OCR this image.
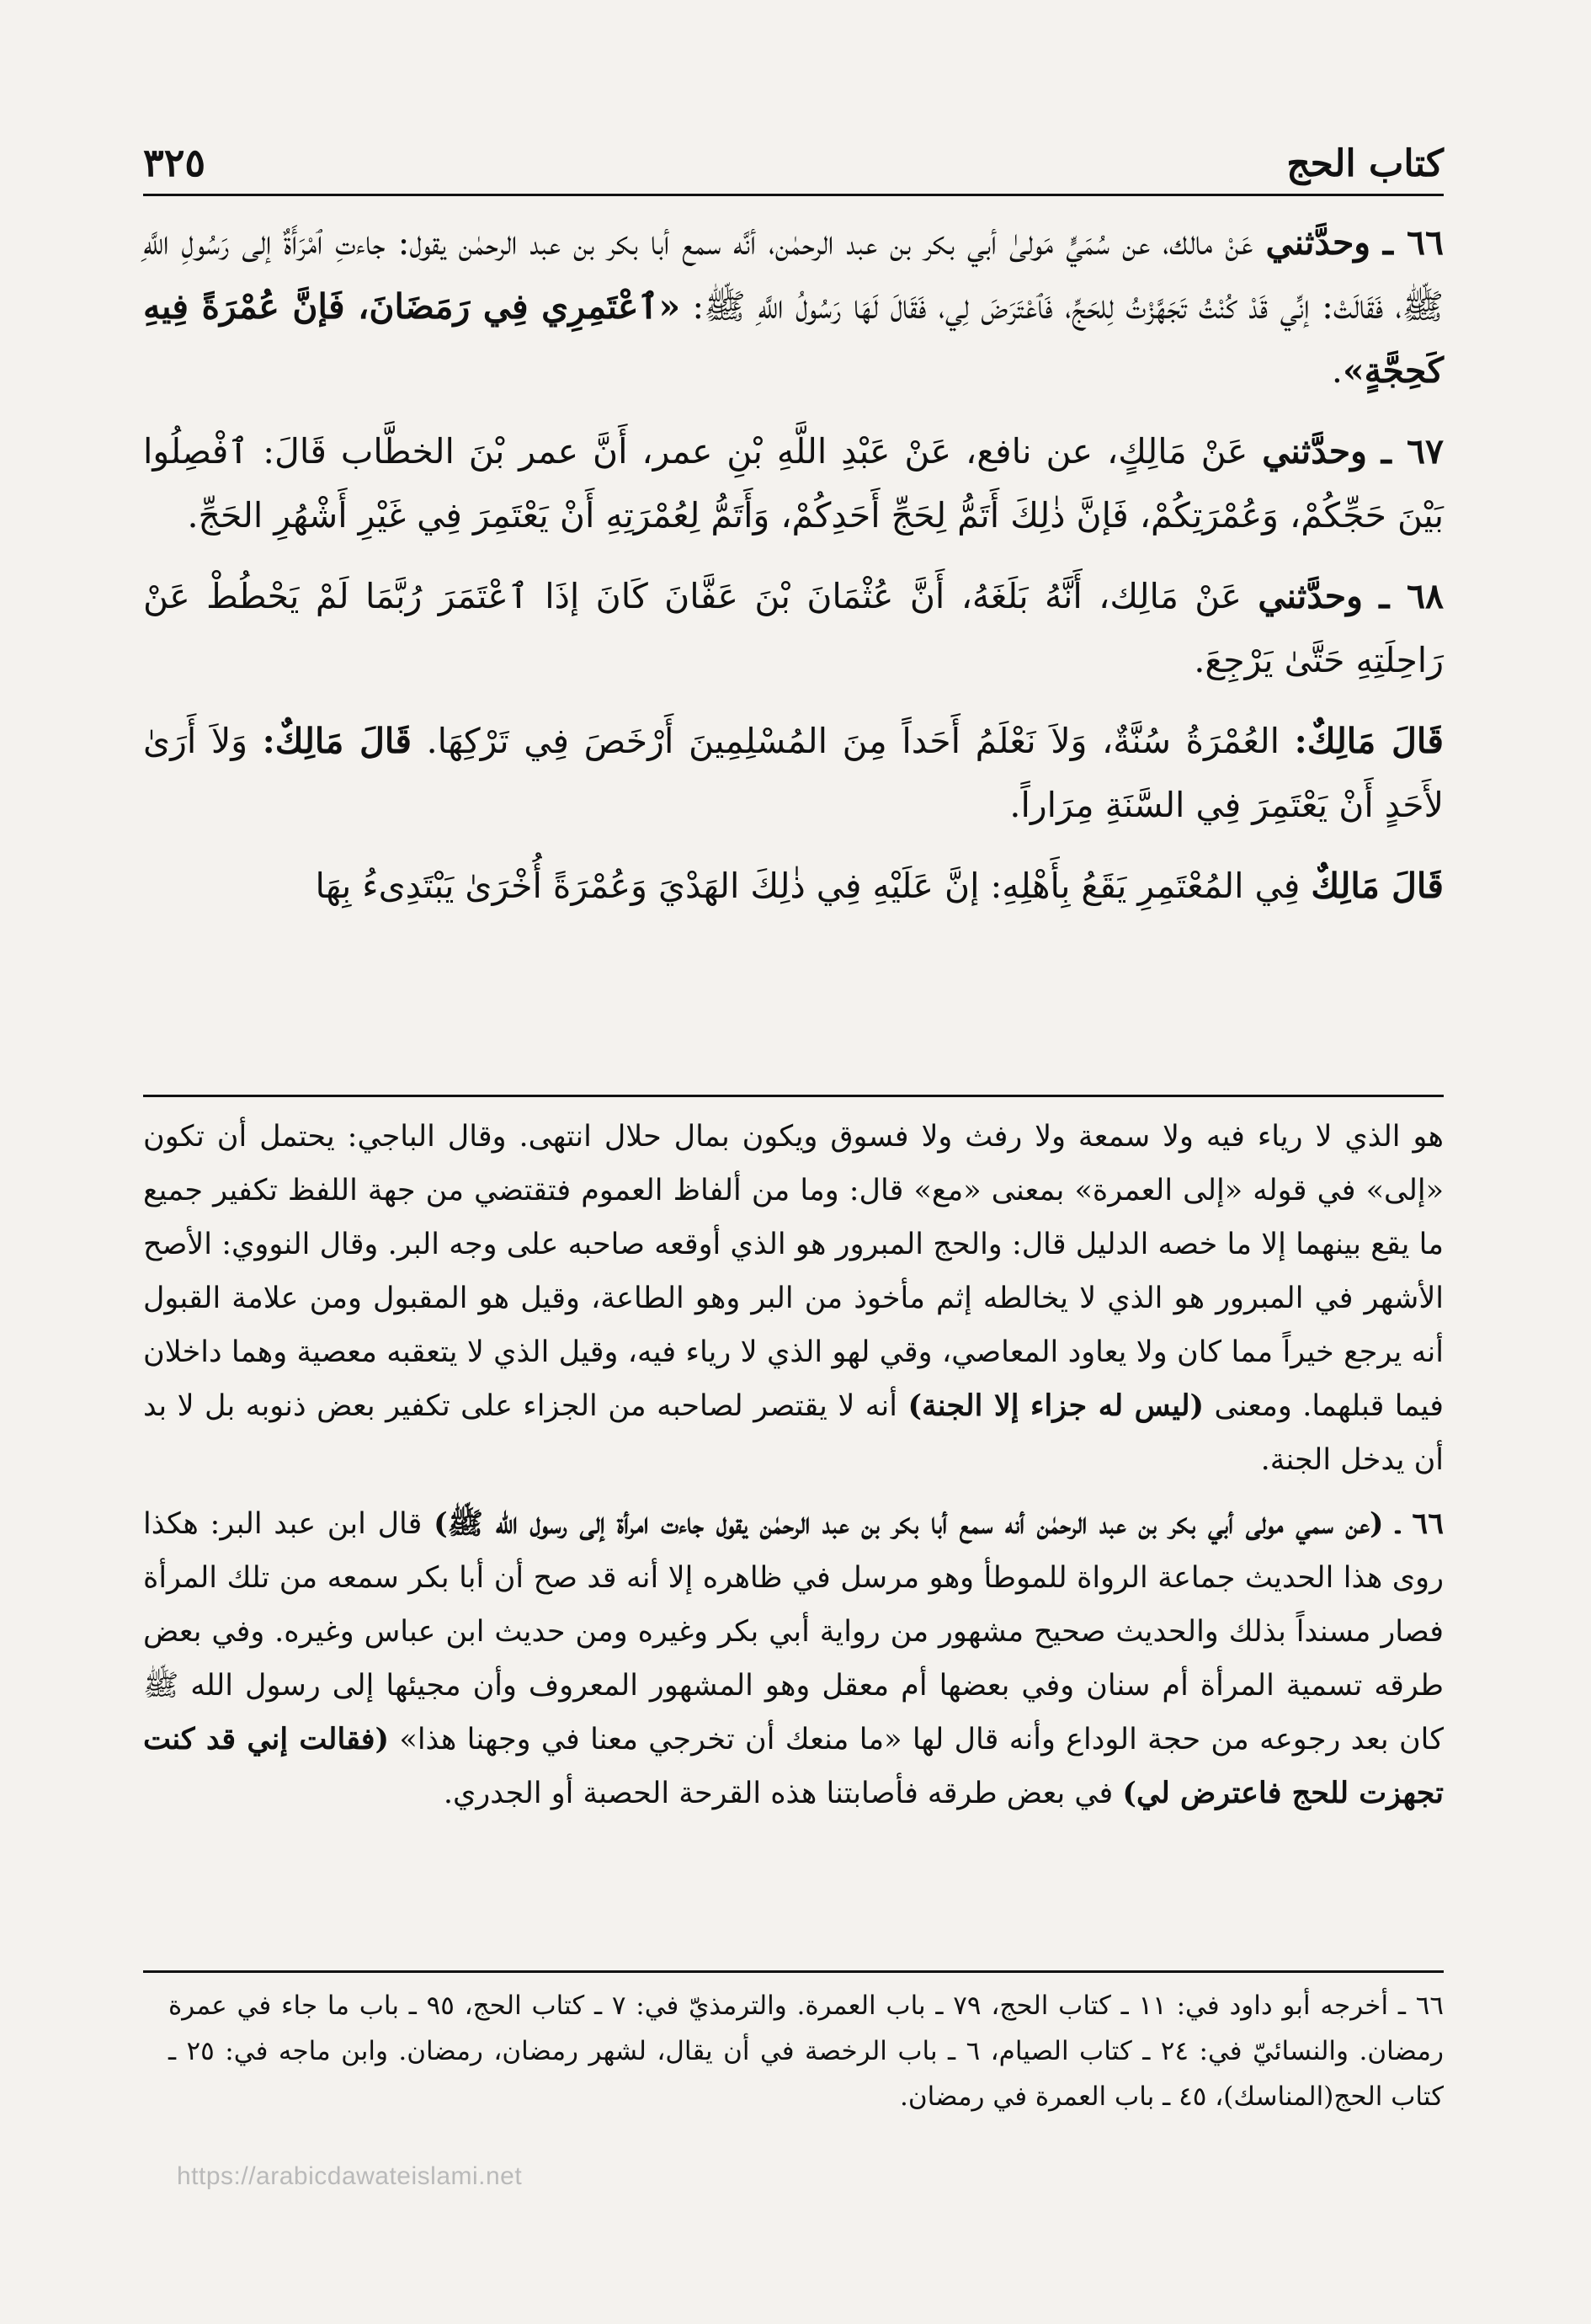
كتاب الحج
٣٢٥

٦٦ ـ وحدَّثني عَنْ مالك، عن سُمَيٍّ مَولىٰ أبي بكر بن عبد الرحمٰن، أنَّه سمع أبا بكر بن عبد الرحمٰن يقول: جاءتِ ٱمْرَأَةٌ إلى رَسُولِ اللَّهِ ﷺ، فَقَالَتْ: إنِّي قَدْ كُنْتُ تَجَهَّزْتُ لِلحَجِّ، فَٱعْتَرَضَ لِي، فَقَالَ لَهَا رَسُولُ اللَّهِ ﷺ: «ٱعْتَمِرِي فِي رَمَضَانَ، فَإنَّ عُمْرَةً فِيهِ كَحِجَّةٍ».

٦٧ ـ وحدَّثني عَنْ مَالِكٍ، عن نافع، عَنْ عَبْدِ اللَّهِ بْنِ عمر، أَنَّ عمر بْنَ الخطَّاب قَالَ: ٱفْصِلُوا بَيْنَ حَجِّكُمْ، وَعُمْرَتِكُمْ، فَإنَّ ذٰلِكَ أَتَمُّ لِحَجِّ أَحَدِكُمْ، وَأَتَمُّ لِعُمْرَتِهِ أَنْ يَعْتَمِرَ فِي غَيْرِ أَشْهُرِ الحَجِّ.

٦٨ ـ وحدَّثني عَنْ مَالِك، أَنَّهُ بَلَغَهُ، أَنَّ عُثْمَانَ بْنَ عَفَّانَ كَانَ إذَا ٱعْتَمَرَ رُبَّمَا لَمْ يَحْطُطْ عَنْ رَاحِلَتِهِ حَتَّىٰ يَرْجِعَ.

قَالَ مَالِكٌ: العُمْرَةُ سُنَّةٌ، وَلاَ نَعْلَمُ أَحَداً مِنَ المُسْلِمِينَ أَرْخَصَ فِي تَرْكِهَا. قَالَ مَالِكٌ: وَلاَ أَرَىٰ لأَحَدٍ أَنْ يَعْتَمِرَ فِي السَّنَةِ مِرَاراً.

قَالَ مَالِكٌ فِي المُعْتَمِرِ يَقَعُ بِأَهْلِهِ: إنَّ عَلَيْهِ فِي ذٰلِكَ الهَدْيَ وَعُمْرَةً أُخْرَىٰ يَبْتَدِىءُ بِهَا

هو الذي لا رياء فيه ولا سمعة ولا رفث ولا فسوق ويكون بمال حلال انتهى. وقال الباجي: يحتمل أن تكون «إلى» في قوله «إلى العمرة» بمعنى «مع» قال: وما من ألفاظ العموم فتقتضي من جهة اللفظ تكفير جميع ما يقع بينهما إلا ما خصه الدليل قال: والحج المبرور هو الذي أوقعه صاحبه على وجه البر. وقال النووي: الأصح الأشهر في المبرور هو الذي لا يخالطه إثم مأخوذ من البر وهو الطاعة، وقيل هو المقبول ومن علامة القبول أنه يرجع خيراً مما كان ولا يعاود المعاصي، وقي لهو الذي لا رياء فيه، وقيل الذي لا يتعقبه معصية وهما داخلان فيما قبلهما. ومعنى (ليس له جزاء إلا الجنة) أنه لا يقتصر لصاحبه من الجزاء على تكفير بعض ذنوبه بل لا بد أن يدخل الجنة.

٦٦ ـ (عن سمي مولى أبي بكر بن عبد الرحمٰن أنه سمع أبا بكر بن عبد الرحمٰن يقول جاءت امرأة إلى رسول الله ﷺ) قال ابن عبد البر: هكذا روى هذا الحديث جماعة الرواة للموطأ وهو مرسل في ظاهره إلا أنه قد صح أن أبا بكر سمعه من تلك المرأة فصار مسنداً بذلك والحديث صحيح مشهور من رواية أبي بكر وغيره ومن حديث ابن عباس وغيره. وفي بعض طرقه تسمية المرأة أم سنان وفي بعضها أم معقل وهو المشهور المعروف وأن مجيئها إلى رسول الله ﷺ كان بعد رجوعه من حجة الوداع وأنه قال لها «ما منعك أن تخرجي معنا في وجهنا هذا» (فقالت إني قد كنت تجهزت للحج فاعترض لي) في بعض طرقه فأصابتنا هذه القرحة الحصبة أو الجدري.

٦٦ ـ أخرجه أبو داود في: ١١ ـ كتاب الحج، ٧٩ ـ باب العمرة. والترمذيّ في: ٧ ـ كتاب الحج، ٩٥ ـ باب ما جاء في عمرة رمضان. والنسائيّ في: ٢٤ ـ كتاب الصيام، ٦ ـ باب الرخصة في أن يقال، لشهر رمضان، رمضان. وابن ماجه في: ٢٥ ـ كتاب الحج(المناسك)، ٤٥ ـ باب العمرة في رمضان.

https://arabicdawateislami.net
